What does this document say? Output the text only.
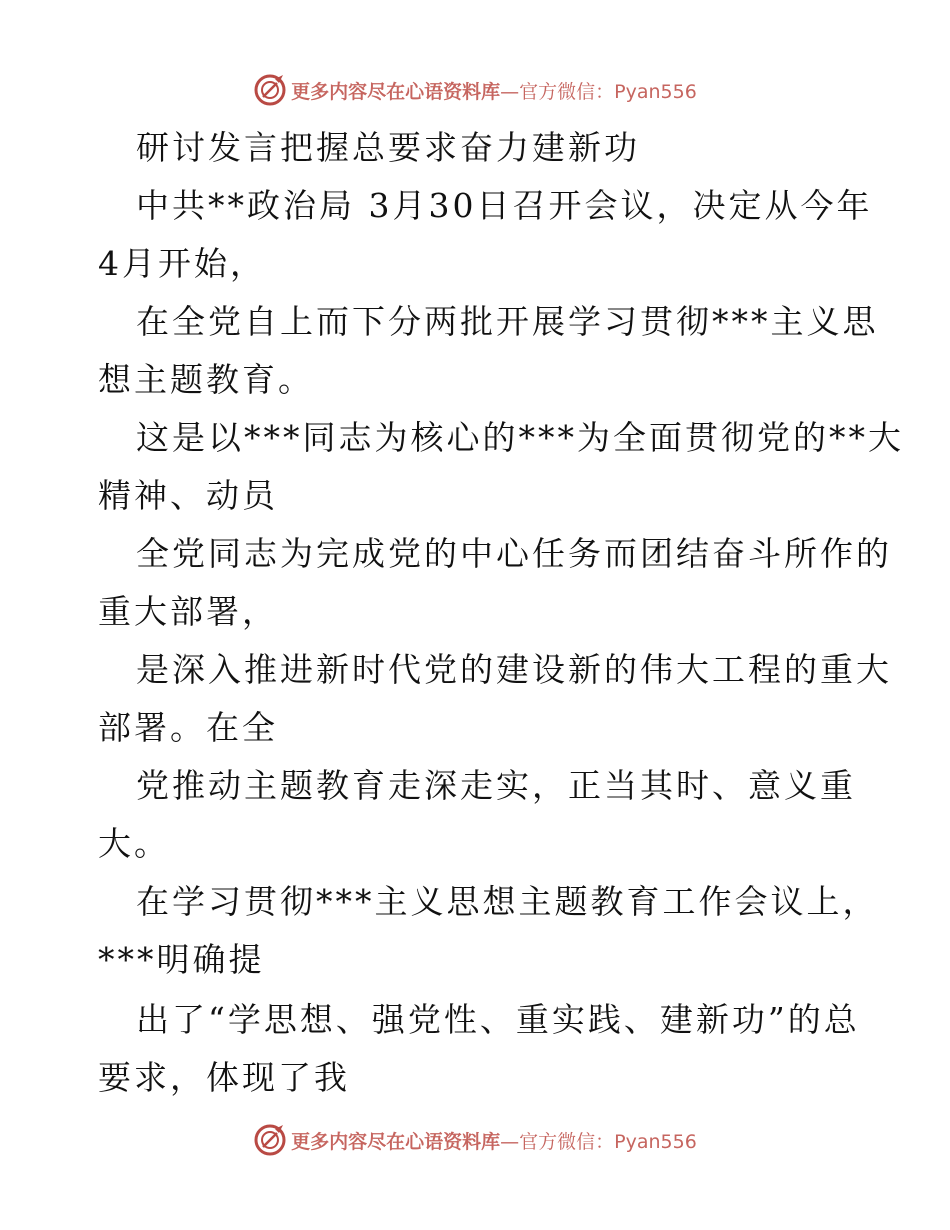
更多内容尽在心语资料库 —官方微信：Pyan556
研讨发言把握总要求奋力建新功
中共**政治局 3月30日召开会议，决定从今年
4月开始，
在全党自上而下分两批开展学习贯彻***主义思
想主题教育。
这是以***同志为核心的***为全面贯彻党的**大
精神、动员
全党同志为完成党的中心任务而团结奋斗所作的
重大部署，
是深入推进新时代党的建设新的伟大工程的重大
部署。在全
党推动主题教育走深走实，正当其时、意义重
大。
在学习贯彻***主义思想主题教育工作会议上，
***明确提
出了“学思想、强党性、重实践、建新功”的总
要求，体现了我
更多内容尽在心语资料库 —官方微信：Pyan556
